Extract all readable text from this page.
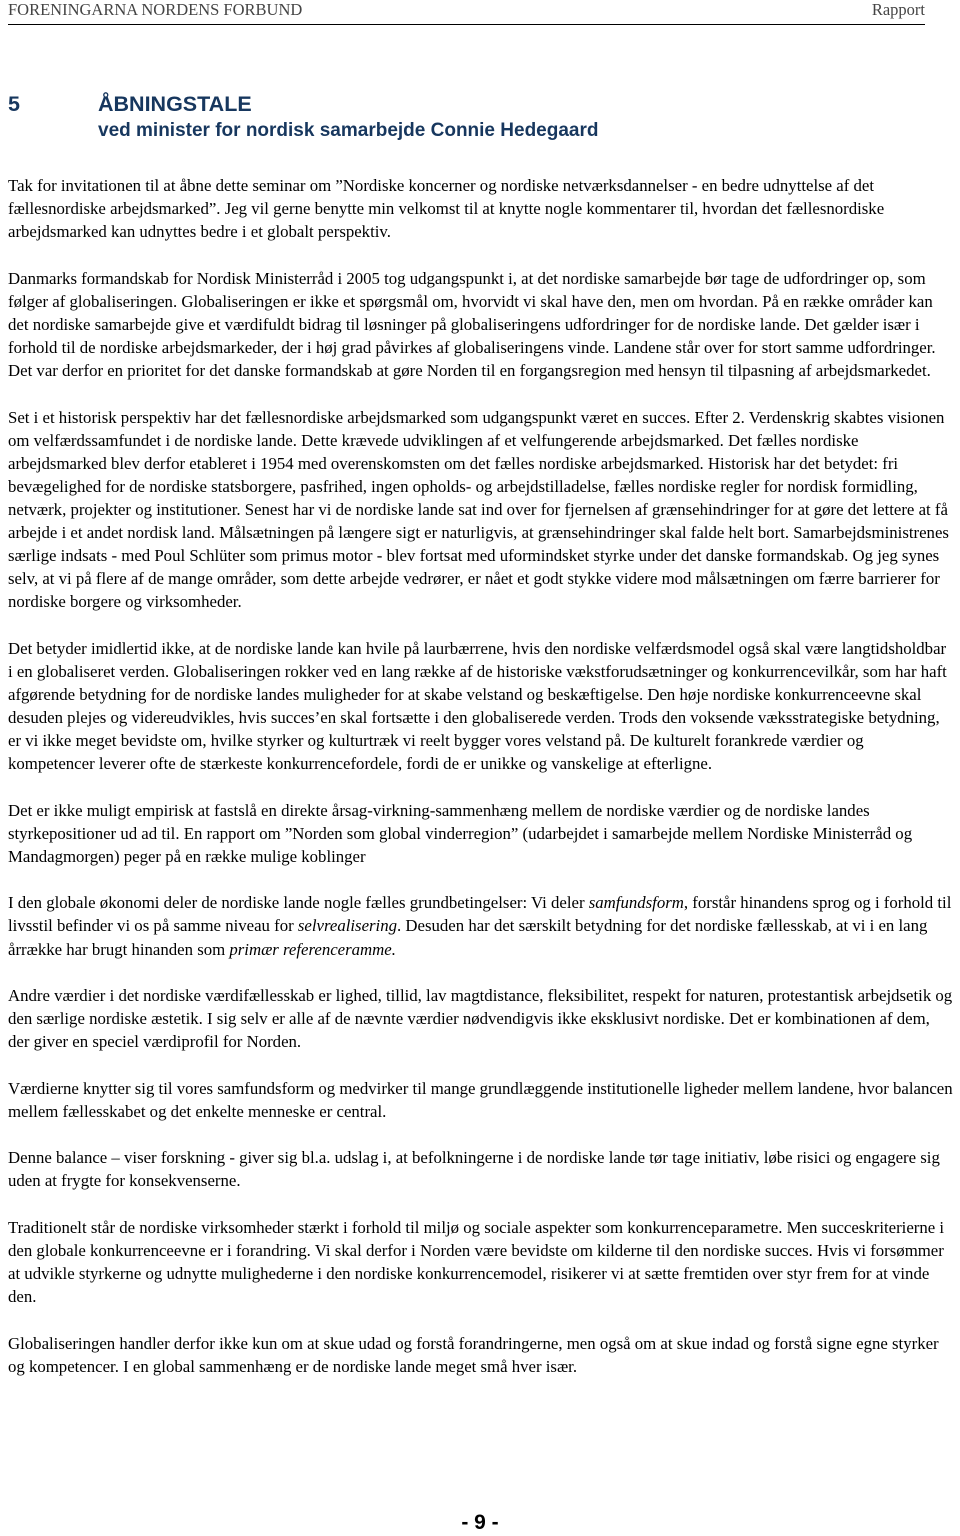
FORENINGARNA NORDENS FORBUND	Rapport
5	ÅBNINGSTALE
ved minister for nordisk samarbejde Connie Hedegaard

Tak for invitationen til at åbne dette seminar om ”Nordiske koncerner og nordiske netværksdannelser - en bedre udnyttelse af det fællesnordiske arbejdsmarked”. Jeg vil gerne benytte min velkomst til at knytte nogle kommentarer til, hvordan det fællesnordiske arbejdsmarked kan udnyttes bedre i et globalt perspektiv.

Danmarks formandskab for Nordisk Ministerråd i 2005 tog udgangspunkt i, at det nordiske samarbejde bør tage de udfordringer op, som følger af globaliseringen. Globaliseringen er ikke et spørgsmål om, hvorvidt vi skal have den, men om hvordan. På en række områder kan det nordiske samarbejde give et værdifuldt bidrag til løsninger på globaliseringens udfordringer for de nordiske lande. Det gælder især i forhold til de nordiske arbejdsmarkeder, der i høj grad påvirkes af globaliseringens vinde. Landene står over for stort samme udfordringer. Det var derfor en prioritet for det danske formandskab at gøre Norden til en forgangsregion med hensyn til tilpasning af arbejdsmarkedet.

Set i et historisk perspektiv har det fællesnordiske arbejdsmarked som udgangspunkt været en succes. Efter 2. Verdenskrig skabtes visionen om velfærdssamfundet i de nordiske lande. Dette krævede udviklingen af et velfungerende arbejdsmarked. Det fælles nordiske arbejdsmarked blev derfor etableret i 1954 med overenskomsten om det fælles nordiske arbejdsmarked. Historisk har det betydet: fri bevægelighed for de nordiske statsborgere, pasfrihed, ingen opholds- og arbejdstilladelse, fælles nordiske regler for nordisk formidling, netværk, projekter og institutioner. Senest har vi de nordiske lande sat ind over for fjernelsen af grænsehindringer for at gøre det lettere at få arbejde i et andet nordisk land. Målsætningen på længere sigt er naturligvis, at grænsehindringer skal falde helt bort. Samarbejdsministrenes særlige indsats - med Poul Schlüter som primus motor - blev fortsat med uformindsket styrke under det danske formandskab. Og jeg synes selv, at vi på flere af de mange områder, som dette arbejde vedrører, er nået et godt stykke videre mod målsætningen om færre barrierer for nordiske borgere og virksomheder.

Det betyder imidlertid ikke, at de nordiske lande kan hvile på laurbærrene, hvis den nordiske velfærdsmodel også skal være langtidsholdbar i en globaliseret verden. Globaliseringen rokker ved en lang række af de historiske vækstforudsætninger og konkurrencevilkår, som har haft afgørende betydning for de nordiske landes muligheder for at skabe velstand og beskæftigelse. Den høje nordiske konkurrenceevne skal desuden plejes og videreudvikles, hvis succes’en skal fortsætte i den globaliserede verden. Trods den voksende væksstrategiske betydning, er vi ikke meget bevidste om, hvilke styrker og kulturtræk vi reelt bygger vores velstand på. De kulturelt forankrede værdier og kompetencer leverer ofte de stærkeste konkurrencefordele, fordi de er unikke og vanskelige at efterligne.

Det er ikke muligt empirisk at fastslå en direkte årsag-virkning-sammenhæng mellem de nordiske værdier og de nordiske landes styrkepositioner ud ad til. En rapport om ”Norden som global vinderregion” (udarbejdet i samarbejde mellem Nordiske Ministerråd og Mandagmorgen) peger på en række mulige koblinger

I den globale økonomi deler de nordiske lande nogle fælles grundbetingelser: Vi deler samfundsform, forstår hinandens sprog og i forhold til livsstil befinder vi os på samme niveau for selvrealisering. Desuden har det særskilt betydning for det nordiske fællesskab, at vi i en lang årrække har brugt hinanden som primær referenceramme.

Andre værdier i det nordiske værdifællesskab er lighed, tillid, lav magtdistance, fleksibilitet, respekt for naturen, protestantisk arbejdsetik og den særlige nordiske æstetik. I sig selv er alle af de nævnte værdier nødvendigvis ikke eksklusivt nordiske. Det er kombinationen af dem, der giver en speciel værdiprofil for Norden.

Værdierne knytter sig til vores samfundsform og medvirker til mange grundlæggende institutionelle ligheder mellem landene, hvor balancen mellem fællesskabet og det enkelte menneske er central.

Denne balance – viser forskning - giver sig bl.a. udslag i, at befolkningerne i de nordiske lande tør tage initiativ, løbe risici og engagere sig uden at frygte for konsekvenserne.

Traditionelt står de nordiske virksomheder stærkt i forhold til miljø og sociale aspekter som konkurrenceparametre. Men succeskriterierne i den globale konkurrenceevne er i forandring. Vi skal derfor i Norden være bevidste om kilderne til den nordiske succes. Hvis vi forsømmer at udvikle styrkerne og udnytte mulighederne i den nordiske konkurrencemodel, risikerer vi at sætte fremtiden over styr frem for at vinde den.

Globaliseringen handler derfor ikke kun om at skue udad og forstå forandringerne, men også om at skue indad og forstå signe egne styrker og kompetencer. I en global sammenhæng er de nordiske lande meget små hver især.

- 9 -
